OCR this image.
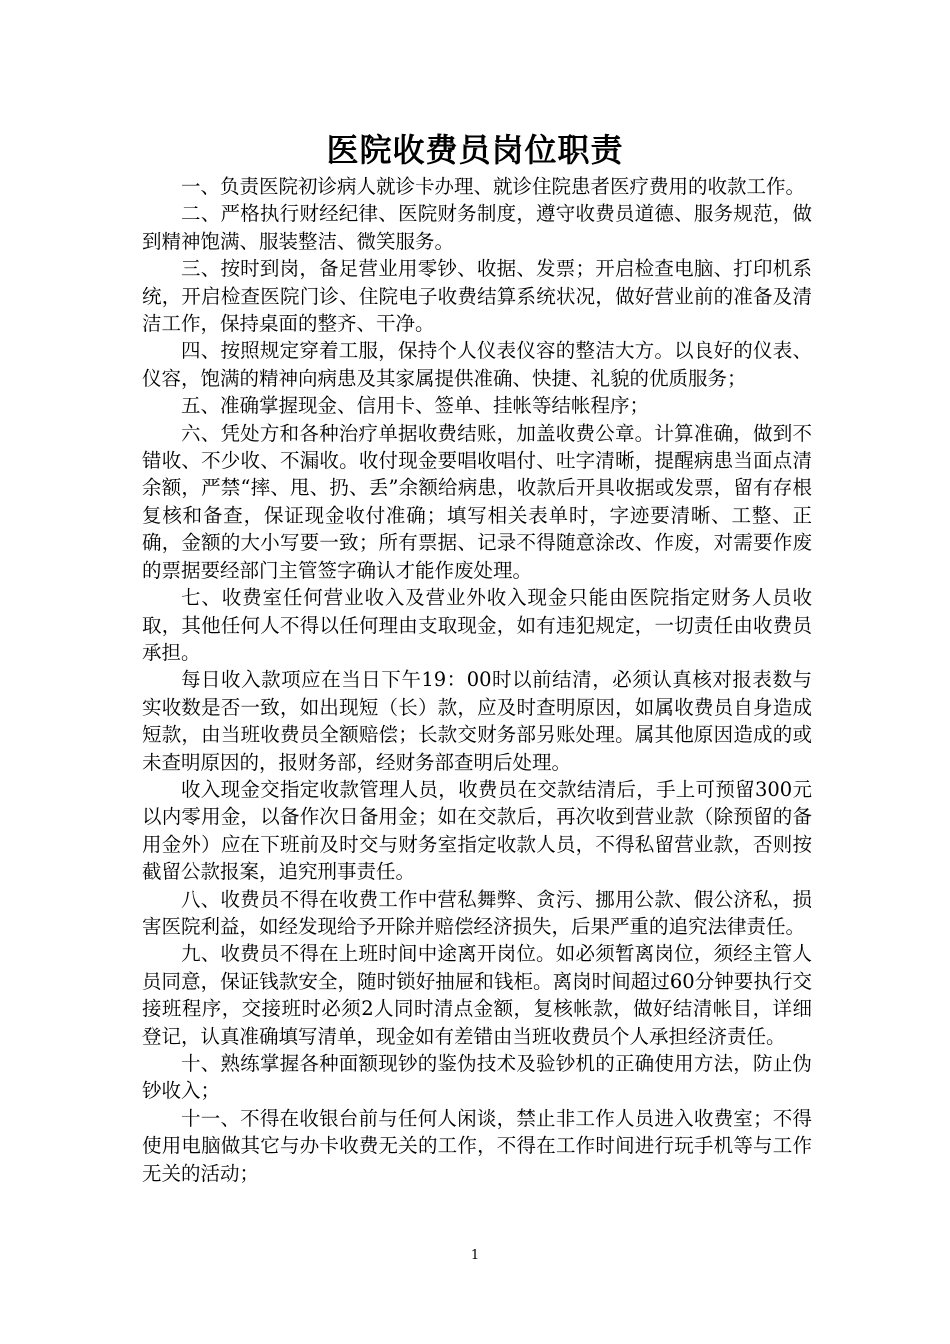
医院收费员岗位职责

一、负责医院初诊病人就诊卡办理、就诊住院患者医疗费用的收款工作。

二、严格执行财经纪律、医院财务制度，遵守收费员道德、服务规范，做到精神饱满、服装整洁、微笑服务。

三、按时到岗，备足营业用零钞、收据、发票；开启检查电脑、打印机系统，开启检查医院门诊、住院电子收费结算系统状况，做好营业前的准备及清洁工作，保持桌面的整齐、干净。

四、按照规定穿着工服，保持个人仪表仪容的整洁大方。以良好的仪表、仪容，饱满的精神向病患及其家属提供准确、快捷、礼貌的优质服务；

五、准确掌握现金、信用卡、签单、挂帐等结帐程序；

六、凭处方和各种治疗单据收费结账，加盖收费公章。计算准确，做到不错收、不少收、不漏收。收付现金要唱收唱付、吐字清晰，提醒病患当面点清余额，严禁“摔、甩、扔、丢”余额给病患，收款后开具收据或发票，留有存根复核和备查，保证现金收付准确；填写相关表单时，字迹要清晰、工整、正确，金额的大小写要一致；所有票据、记录不得随意涂改、作废，对需要作废的票据要经部门主管签字确认才能作废处理。

七、收费室任何营业收入及营业外收入现金只能由医院指定财务人员收取，其他任何人不得以任何理由支取现金，如有违犯规定，一切责任由收费员承担。

每日收入款项应在当日下午19：00时以前结清，必须认真核对报表数与实收数是否一致，如出现短（长）款，应及时查明原因，如属收费员自身造成短款，由当班收费员全额赔偿；长款交财务部另账处理。属其他原因造成的或未查明原因的，报财务部，经财务部查明后处理。

收入现金交指定收款管理人员，收费员在交款结清后，手上可预留300元以内零用金，以备作次日备用金；如在交款后，再次收到营业款（除预留的备用金外）应在下班前及时交与财务室指定收款人员，不得私留营业款，否则按截留公款报案，追究刑事责任。

八、收费员不得在收费工作中营私舞弊、贪污、挪用公款、假公济私，损害医院利益，如经发现给予开除并赔偿经济损失，后果严重的追究法律责任。

九、收费员不得在上班时间中途离开岗位。如必须暂离岗位，须经主管人员同意，保证钱款安全，随时锁好抽屉和钱柜。离岗时间超过60分钟要执行交接班程序，交接班时必须2人同时清点金额，复核帐款，做好结清帐目，详细登记，认真准确填写清单，现金如有差错由当班收费员个人承担经济责任。

十、熟练掌握各种面额现钞的鉴伪技术及验钞机的正确使用方法，防止伪钞收入；

十一、不得在收银台前与任何人闲谈，禁止非工作人员进入收费室；不得使用电脑做其它与办卡收费无关的工作，不得在工作时间进行玩手机等与工作无关的活动；

1
